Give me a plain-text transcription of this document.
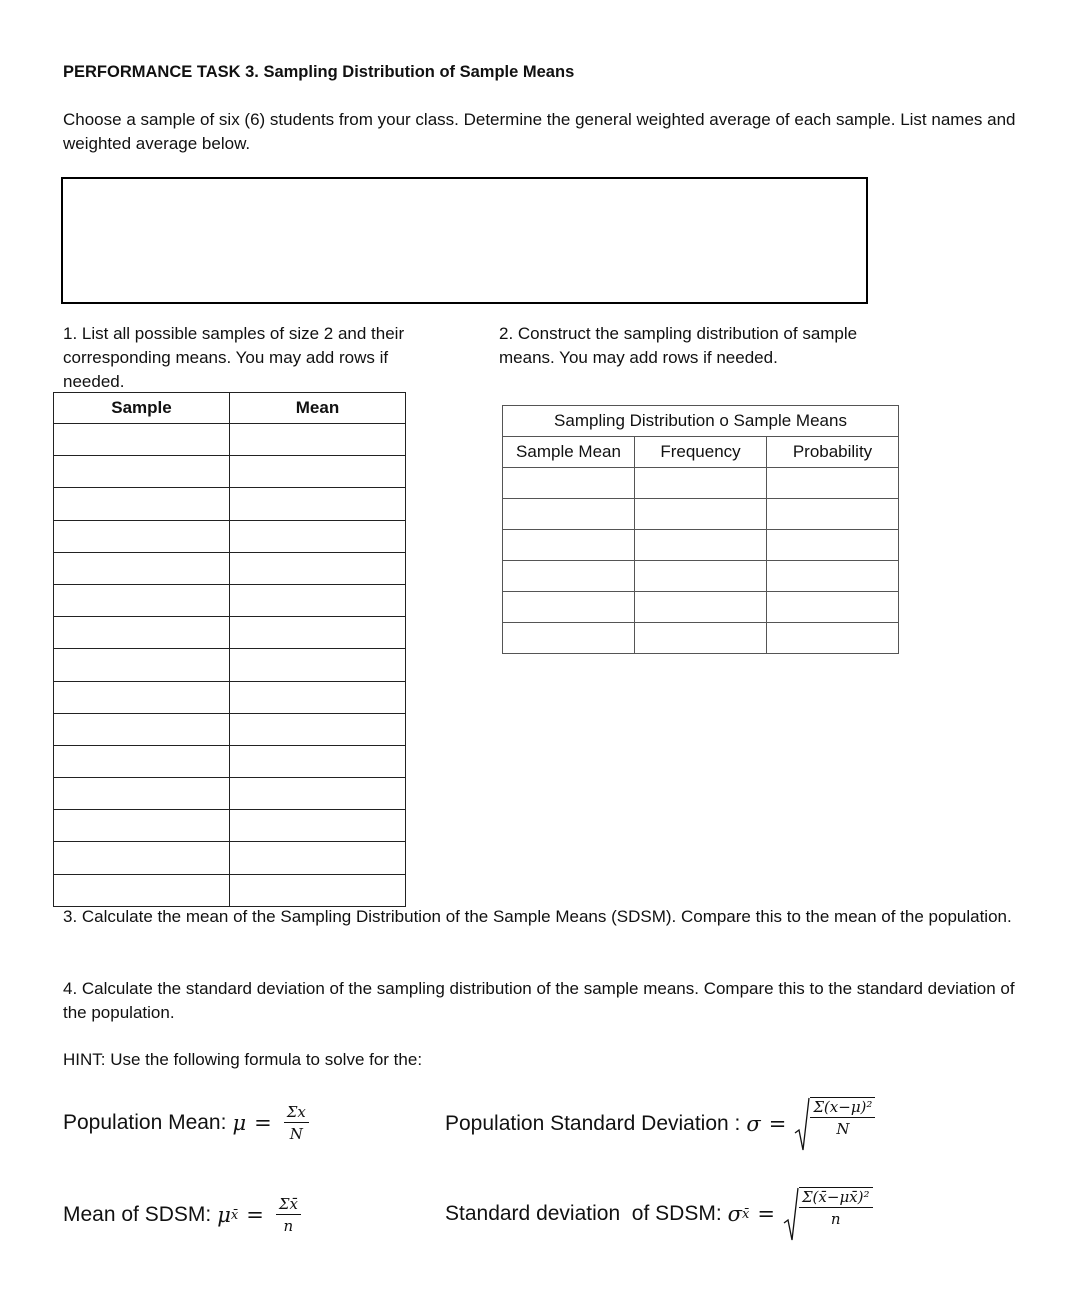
PERFORMANCE TASK 3. Sampling Distribution of Sample Means
Choose a sample of six (6) students from your class. Determine the general weighted average of each sample. List names and weighted average below.
1. List all possible samples of size 2 and their corresponding means. You may add rows if needed.
2. Construct the sampling distribution of sample means. You may add rows if needed.
Sample	Mean

Sampling Distribution o Sample Means		
Sample Mean	Frequency	Probability

3. Calculate the mean of the Sampling Distribution of the Sample Means (SDSM). Compare this to the mean of the population.
4. Calculate the standard deviation of the sampling distribution of the sample means. Compare this to the standard deviation of the population.
HINT: Use the following formula to solve for the:
Population Mean: $\mu = \frac{\Sigma x}{N}$	Population Standard Deviation : $\sigma = \frac{\text{Σ(x−μ)²}}{N}$
Mean of SDSM: μ x̄ = $\frac{\Sigma x̄}{n}$	Standard deviation  of SDSM: σ x̄ = $\frac{\text{Σ(x̄−μx̄)²}}{n}$
